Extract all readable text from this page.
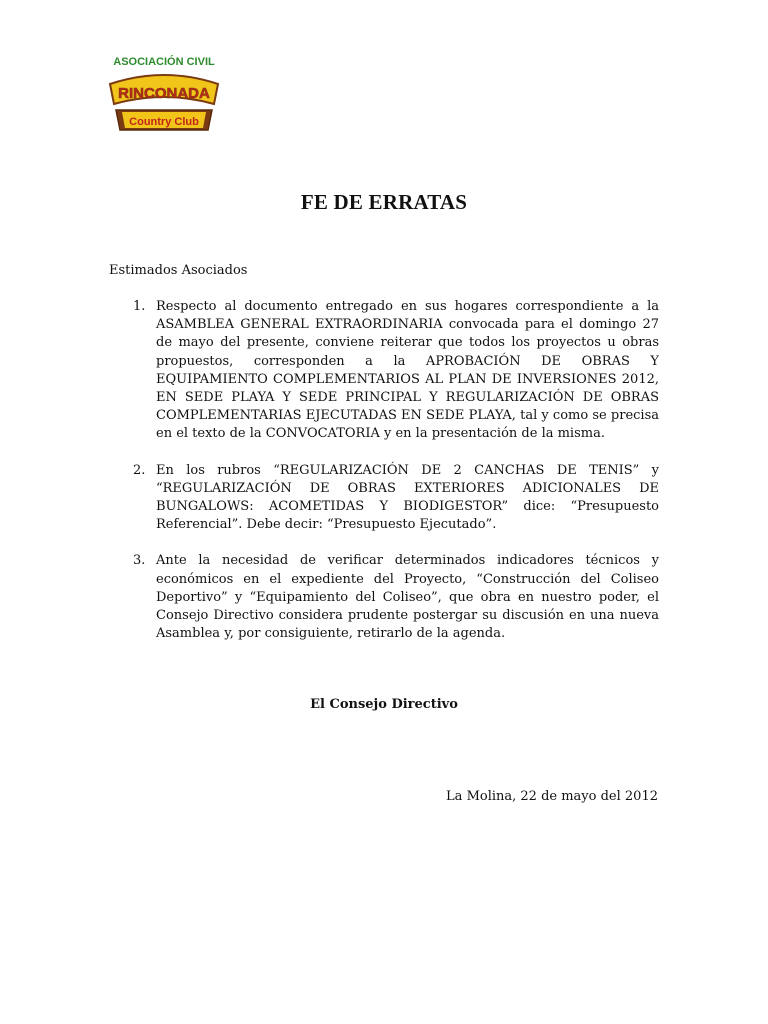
ASOCIACIÓN CIVIL
RINCONADA
Country Club
FE DE ERRATAS
Estimados Asociados
1. Respecto al documento entregado en sus hogares correspondiente a la ASAMBLEA GENERAL EXTRAORDINARIA convocada para el domingo 27 de mayo del presente, conviene reiterar que todos los proyectos u obras propuestos, corresponden a la APROBACIÓN DE OBRAS Y EQUIPAMIENTO COMPLEMENTARIOS AL PLAN DE INVERSIONES 2012, EN SEDE PLAYA Y SEDE PRINCIPAL Y REGULARIZACIÓN DE OBRAS COMPLEMENTARIAS EJECUTADAS EN SEDE PLAYA, tal y como se precisa en el texto de la CONVOCATORIA y en la presentación de la misma.
2. En los rubros “REGULARIZACIÓN DE 2 CANCHAS DE TENIS” y “REGULARIZACIÓN DE OBRAS EXTERIORES ADICIONALES DE BUNGALOWS: ACOMETIDAS Y BIODIGESTOR” dice: “Presupuesto Referencial”. Debe decir: “Presupuesto Ejecutado”.
3. Ante la necesidad de verificar determinados indicadores técnicos y económicos en el expediente del Proyecto, “Construcción del Coliseo Deportivo” y “Equipamiento del Coliseo”, que obra en nuestro poder, el Consejo Directivo considera prudente postergar su discusión en una nueva Asamblea y, por consiguiente, retirarlo de la agenda.
El Consejo Directivo
La Molina, 22 de mayo del 2012
